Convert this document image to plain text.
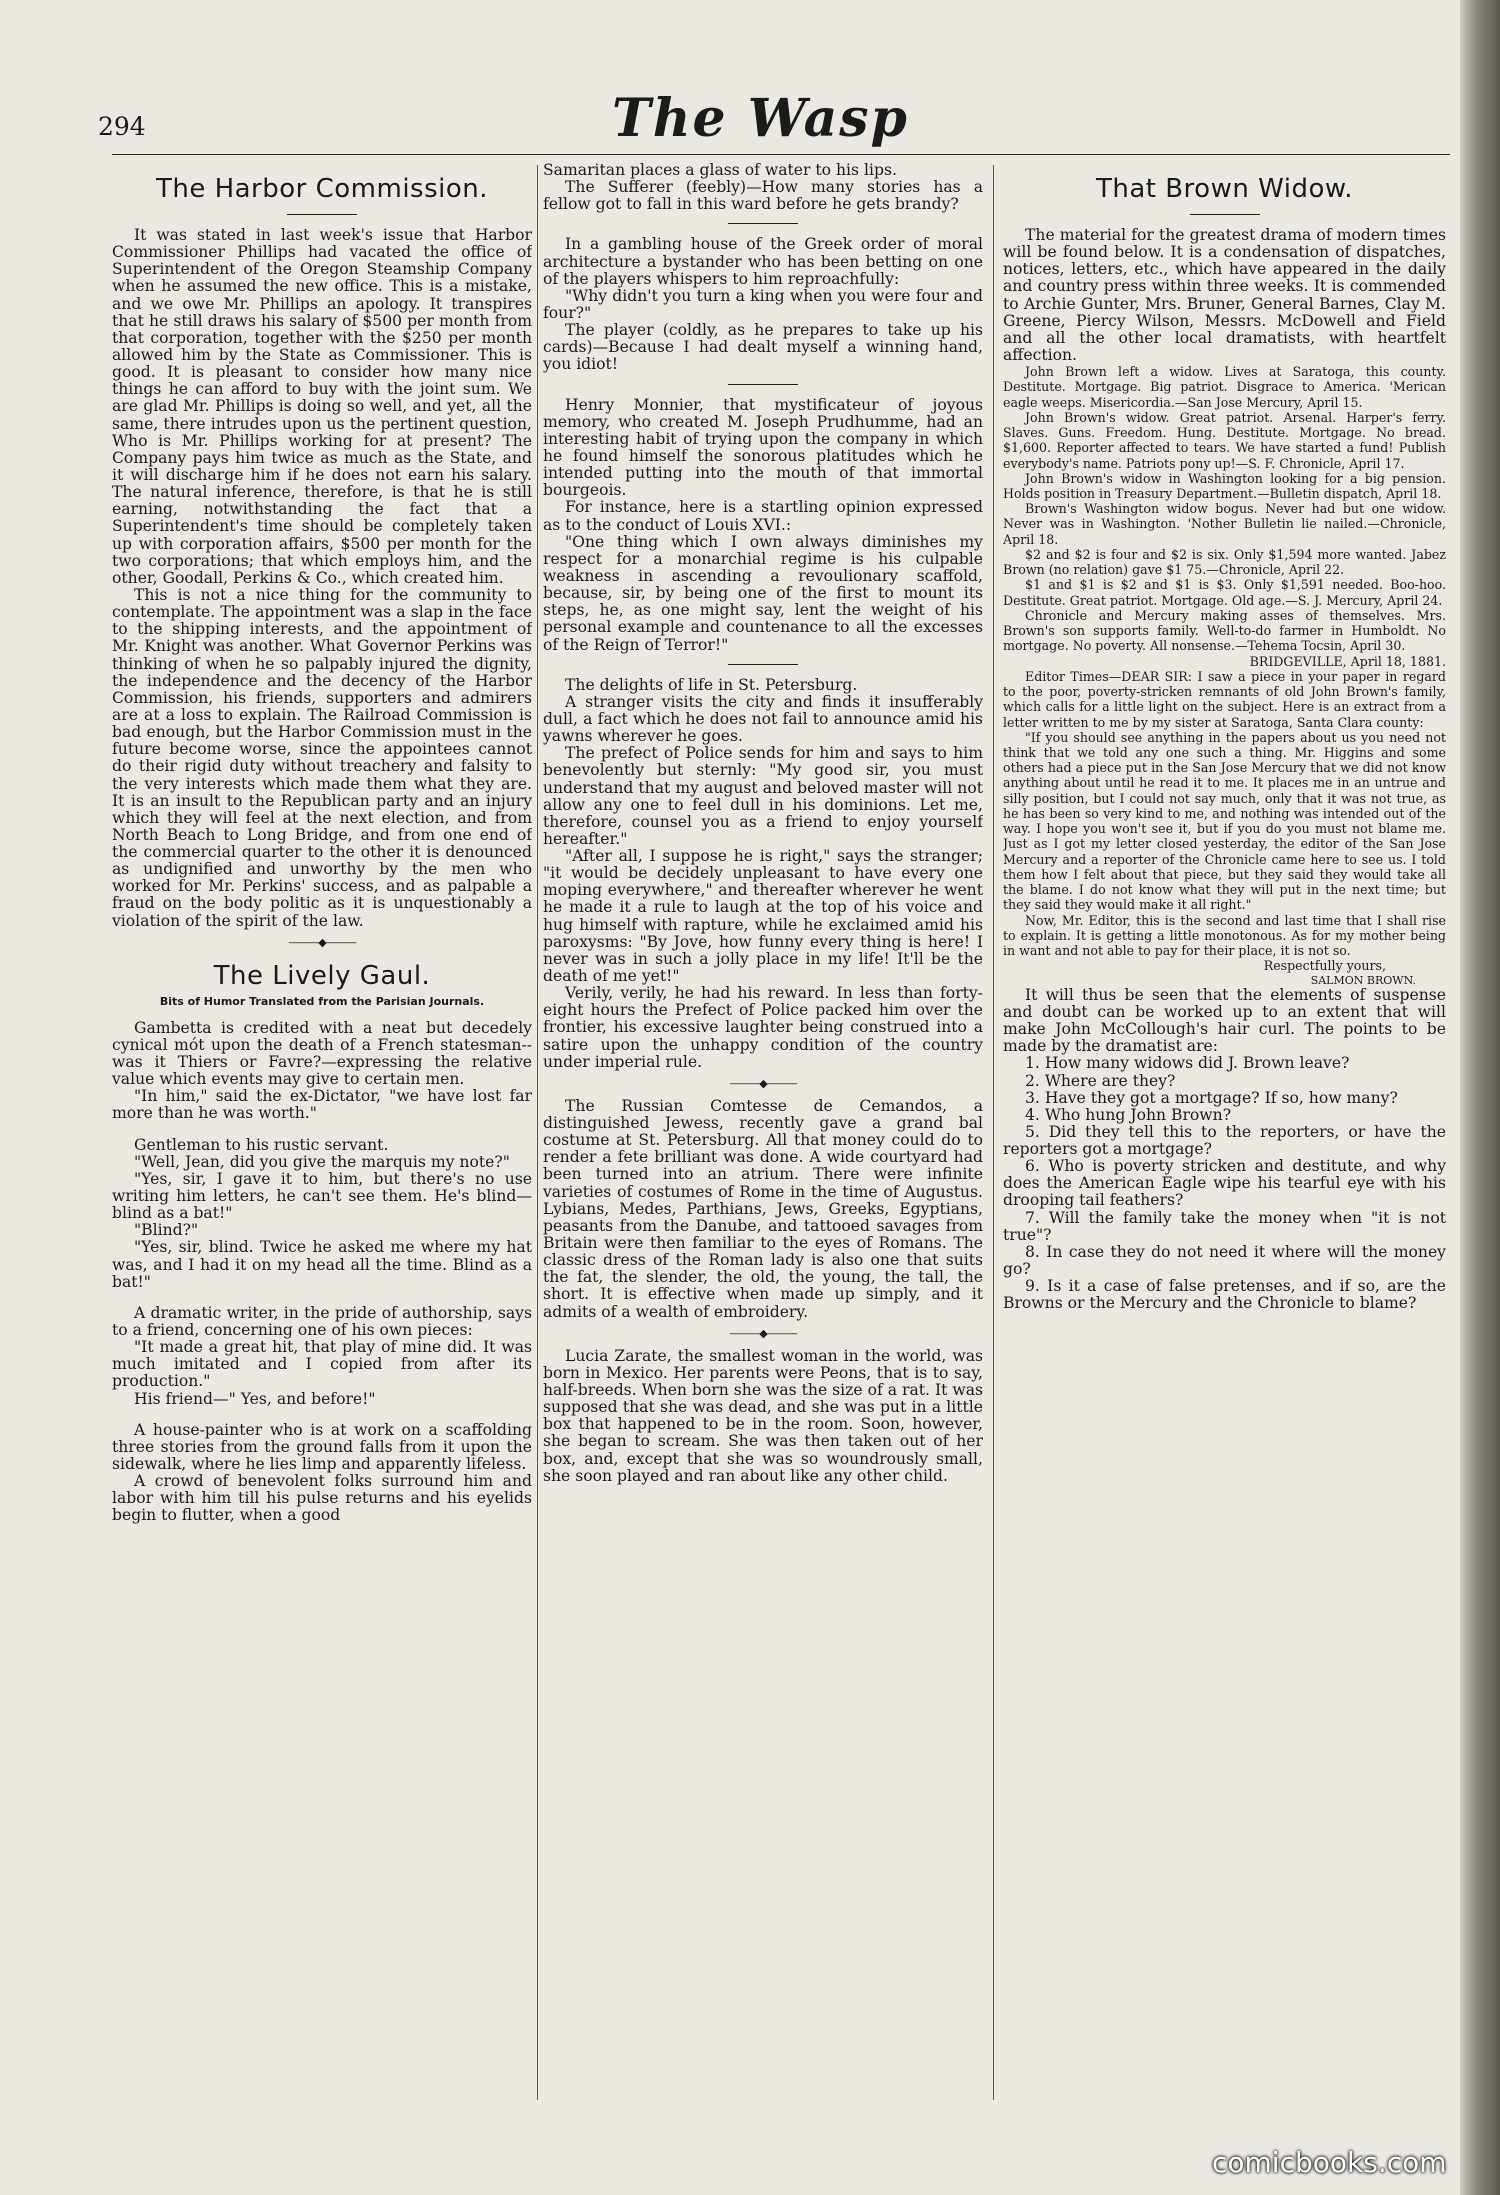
294	The Wasp
The Harbor Commission.

It was stated in last week's issue that Harbor Commissioner Phillips had vacated the office of Superintendent of the Oregon Steamship Company when he assumed the new office. This is a mistake, and we owe Mr. Phillips an apology. It transpires that he still draws his salary of $500 per month from that corporation, together with the $250 per month allowed him by the State as Commissioner. This is good. It is pleasant to consider how many nice things he can afford to buy with the joint sum. We are glad Mr. Phillips is doing so well, and yet, all the same, there intrudes upon us the pertinent question, Who is Mr. Phillips working for at present? The Company pays him twice as much as the State, and it will discharge him if he does not earn his salary. The natural inference, therefore, is that he is still earning, notwithstanding the fact that a Superintendent's time should be completely taken up with corporation affairs, $500 per month for the two corporations; that which employs him, and the other, Goodall, Perkins & Co., which created him.

This is not a nice thing for the community to contemplate. The appointment was a slap in the face to the shipping interests, and the appointment of Mr. Knight was another. What Governor Perkins was thinking of when he so palpably injured the dignity, the independence and the decency of the Harbor Commission, his friends, supporters and admirers are at a loss to explain. The Railroad Commission is bad enough, but the Harbor Commission must in the future become worse, since the appointees cannot do their rigid duty without treachery and falsity to the very interests which made them what they are. It is an insult to the Republican party and an injury which they will feel at the next election, and from North Beach to Long Bridge, and from one end of the commercial quarter to the other it is denounced as undignified and unworthy by the men who worked for Mr. Perkins' success, and as palpable a fraud on the body politic as it is unquestionably a violation of the spirit of the law.

———◆———
The Lively Gaul.
Bits of Humor Translated from the Parisian Journals.

Gambetta is credited with a neat but decedely cynical mót upon the death of a French statesman--was it Thiers or Favre?—expressing the relative value which events may give to certain men.

"In him," said the ex-Dictator, "we have lost far more than he was worth."

Gentleman to his rustic servant.

"Well, Jean, did you give the marquis my note?"

"Yes, sir, I gave it to him, but there's no use writing him letters, he can't see them. He's blind—blind as a bat!"

"Blind?"

"Yes, sir, blind. Twice he asked me where my hat was, and I had it on my head all the time. Blind as a bat!"

A dramatic writer, in the pride of authorship, says to a friend, concerning one of his own pieces:

"It made a great hit, that play of mine did. It was much imitated and I copied from after its production."

His friend—" Yes, and before!"

A house-painter who is at work on a scaffolding three stories from the ground falls from it upon the sidewalk, where he lies limp and apparently lifeless.

A crowd of benevolent folks surround him and labor with him till his pulse returns and his eyelids begin to flutter, when a good

Samaritan places a glass of water to his lips.

The Sufferer (feebly)—How many stories has a fellow got to fall in this ward before he gets brandy?

In a gambling house of the Greek order of moral architecture a bystander who has been betting on one of the players whispers to him reproachfully:

"Why didn't you turn a king when you were four and four?"

The player (coldly, as he prepares to take up his cards)—Because I had dealt myself a winning hand, you idiot!

Henry Monnier, that mystificateur of joyous memory, who created M. Joseph Prudhumme, had an interesting habit of trying upon the company in which he found himself the sonorous platitudes which he intended putting into the mouth of that immortal bourgeois.

For instance, here is a startling opinion expressed as to the conduct of Louis XVI.:

"One thing which I own always diminishes my respect for a monarchial regime is his culpable weakness in ascending a revoulionary scaffold, because, sir, by being one of the first to mount its steps, he, as one might say, lent the weight of his personal example and countenance to all the excesses of the Reign of Terror!"

The delights of life in St. Petersburg.

A stranger visits the city and finds it insufferably dull, a fact which he does not fail to announce amid his yawns wherever he goes.

The prefect of Police sends for him and says to him benevolently but sternly: "My good sir, you must understand that my august and beloved master will not allow any one to feel dull in his dominions. Let me, therefore, counsel you as a friend to enjoy yourself hereafter."

"After all, I suppose he is right," says the stranger; "it would be decidely unpleasant to have every one moping everywhere," and thereafter wherever he went he made it a rule to laugh at the top of his voice and hug himself with rapture, while he exclaimed amid his paroxysms: "By Jove, how funny every thing is here! I never was in such a jolly place in my life! It'll be the death of me yet!"

Verily, verily, he had his reward. In less than forty-eight hours the Prefect of Police packed him over the frontier, his excessive laughter being construed into a satire upon the unhappy condition of the country under imperial rule.

———◆———

The Russian Comtesse de Cemandos, a distinguished Jewess, recently gave a grand bal costume at St. Petersburg. All that money could do to render a fete brilliant was done. A wide courtyard had been turned into an atrium. There were infinite varieties of costumes of Rome in the time of Augustus. Lybians, Medes, Parthians, Jews, Greeks, Egyptians, peasants from the Danube, and tattooed savages from Britain were then familiar to the eyes of Romans. The classic dress of the Roman lady is also one that suits the fat, the slender, the old, the young, the tall, the short. It is effective when made up simply, and it admits of a wealth of embroidery.

———◆———

Lucia Zarate, the smallest woman in the world, was born in Mexico. Her parents were Peons, that is to say, half-breeds. When born she was the size of a rat. It was supposed that she was dead, and she was put in a little box that happened to be in the room. Soon, however, she began to scream. She was then taken out of her box, and, except that she was so woundrously small, she soon played and ran about like any other child.

That Brown Widow.

The material for the greatest drama of modern times will be found below. It is a condensation of dispatches, notices, letters, etc., which have appeared in the daily and country press within three weeks. It is commended to Archie Gunter, Mrs. Bruner, General Barnes, Clay M. Greene, Piercy Wilson, Messrs. McDowell and Field and all the other local dramatists, with heartfelt affection.

John Brown left a widow. Lives at Saratoga, this county. Destitute. Mortgage. Big patriot. Disgrace to America. 'Merican eagle weeps. Misericordia.—San Jose Mercury, April 15.

John Brown's widow. Great patriot. Arsenal. Harper's ferry. Slaves. Guns. Freedom. Hung. Destitute. Mortgage. No bread. $1,600. Reporter affected to tears. We have started a fund! Publish everybody's name. Patriots pony up!—S. F. Chronicle, April 17.

John Brown's widow in Washington looking for a big pension. Holds position in Treasury Department.—Bulletin dispatch, April 18.

Brown's Washington widow bogus. Never had but one widow. Never was in Washington. 'Nother Bulletin lie nailed.—Chronicle, April 18.

$2 and $2 is four and $2 is six. Only $1,594 more wanted. Jabez Brown (no relation) gave $1 75.—Chronicle, April 22.

$1 and $1 is $2 and $1 is $3. Only $1,591 needed. Boo-hoo. Destitute. Great patriot. Mortgage. Old age.—S. J. Mercury, April 24.

Chronicle and Mercury making asses of themselves. Mrs. Brown's son supports family. Well-to-do farmer in Humboldt. No mortgage. No poverty. All nonsense.—Tehema Tocsin, April 30.

BRIDGEVILLE, April 18, 1881.

Editor Times—DEAR SIR: I saw a piece in your paper in regard to the poor, poverty-stricken remnants of old John Brown's family, which calls for a little light on the subject. Here is an extract from a letter written to me by my sister at Saratoga, Santa Clara county:

"If you should see anything in the papers about us you need not think that we told any one such a thing. Mr. Higgins and some others had a piece put in the San Jose Mercury that we did not know anything about until he read it to me. It places me in an untrue and silly position, but I could not say much, only that it was not true, as he has been so very kind to me, and nothing was intended out of the way. I hope you won't see it, but if you do you must not blame me. Just as I got my letter closed yesterday, the editor of the San Jose Mercury and a reporter of the Chronicle came here to see us. I told them how I felt about that piece, but they said they would take all the blame. I do not know what they will put in the next time; but they said they would make it all right."

Now, Mr. Editor, this is the second and last time that I shall rise to explain. It is getting a little monotonous. As for my mother being in want and not able to pay for their place, it is not so.

Respectfully yours,

SALMON BROWN.

It will thus be seen that the elements of suspense and doubt can be worked up to an extent that will make John McCollough's hair curl. The points to be made by the dramatist are:

1. How many widows did J. Brown leave?

2. Where are they?

3. Have they got a mortgage? If so, how many?

4. Who hung John Brown?

5. Did they tell this to the reporters, or have the reporters got a mortgage?

6. Who is poverty stricken and destitute, and why does the American Eagle wipe his tearful eye with his drooping tail feathers?

7. Will the family take the money when "it is not true"?

8. In case they do not need it where will the money go?

9. Is it a case of false pretenses, and if so, are the Browns or the Mercury and the Chronicle to blame?

comicbooks.com
